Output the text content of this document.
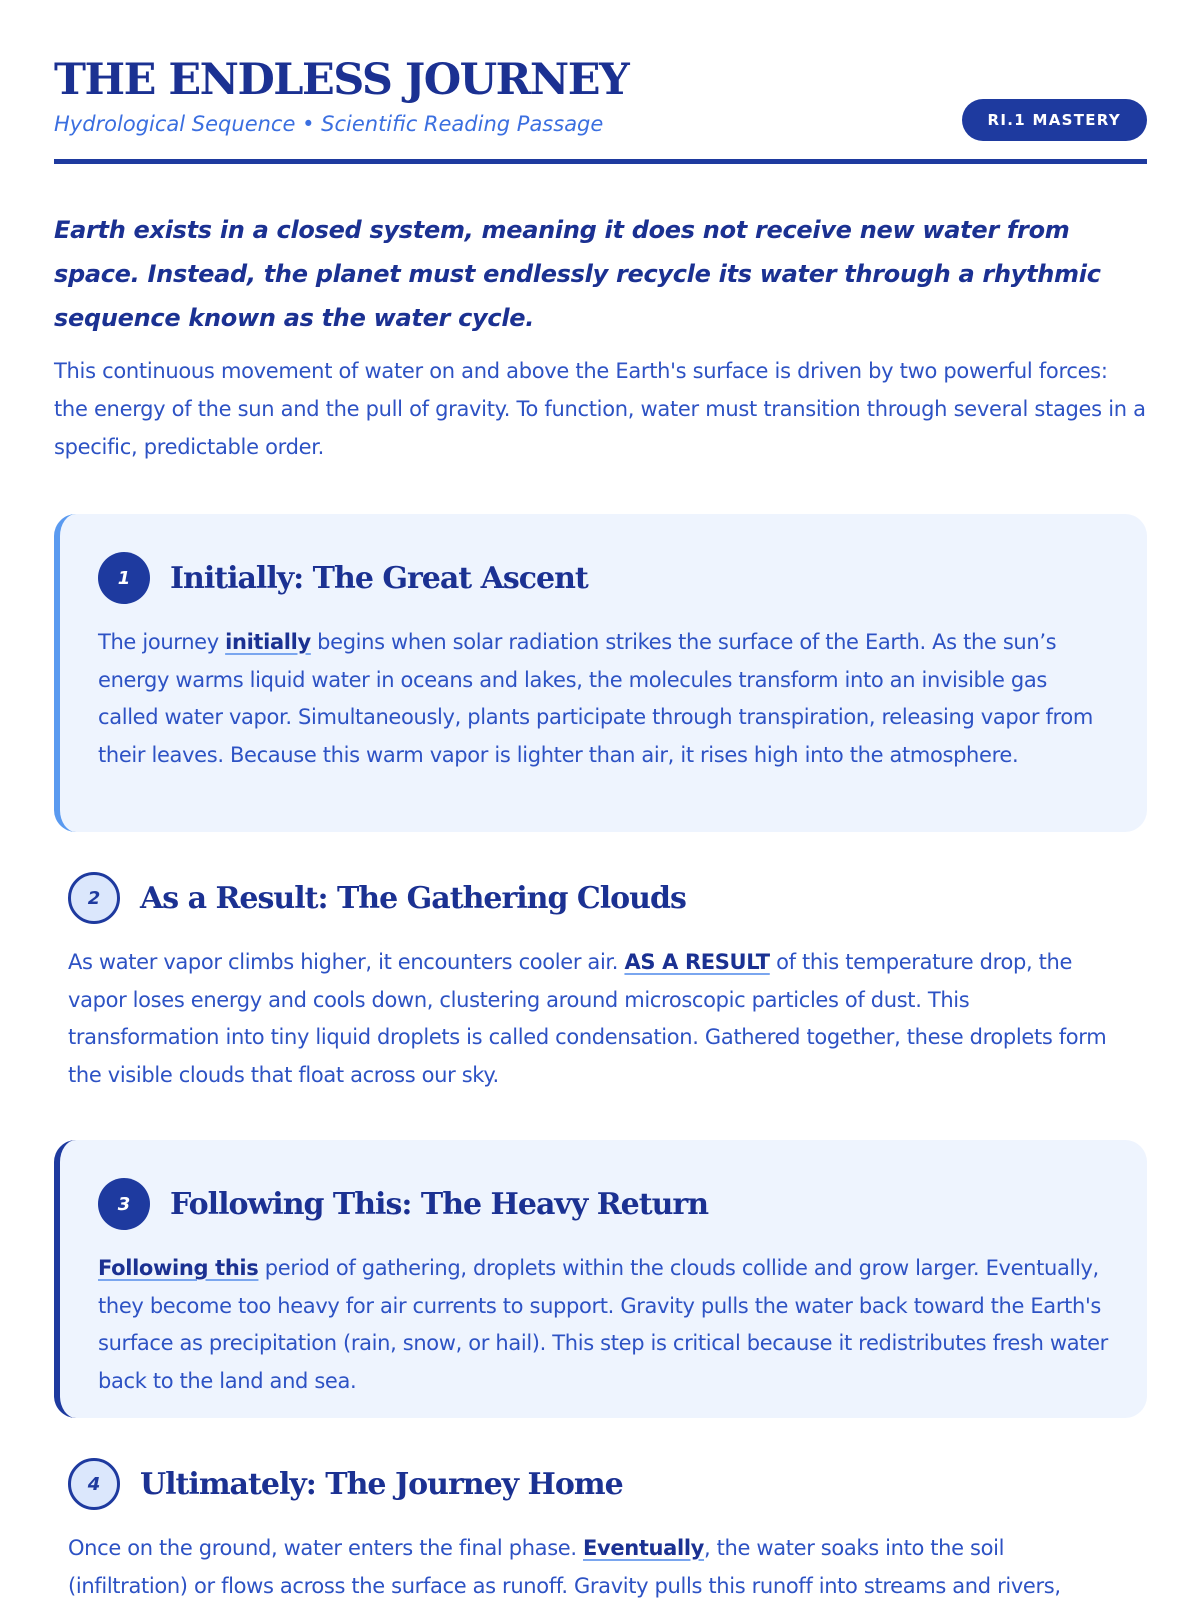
THE ENDLESS JOURNEY
Hydrological Sequence • Scientific Reading Passage	RI.1 MASTERY

Earth exists in a closed system, meaning it does not receive new water from space. Instead, the planet must endlessly recycle its water through a rhythmic sequence known as the water cycle.

This continuous movement of water on and above the Earth's surface is driven by two powerful forces: the energy of the sun and the pull of gravity. To function, water must transition through several stages in a specific, predictable order.

1	Initially: The Great Ascent

The journey initially begins when solar radiation strikes the surface of the Earth. As the sun’s energy warms liquid water in oceans and lakes, the molecules transform into an invisible gas called water vapor. Simultaneously, plants participate through transpiration, releasing vapor from their leaves. Because this warm vapor is lighter than air, it rises high into the atmosphere.

2	As a Result: The Gathering Clouds

As water vapor climbs higher, it encounters cooler air. AS A RESULT of this temperature drop, the vapor loses energy and cools down, clustering around microscopic particles of dust. This transformation into tiny liquid droplets is called condensation. Gathered together, these droplets form the visible clouds that float across our sky.

3	Following This: The Heavy Return

Following this period of gathering, droplets within the clouds collide and grow larger. Eventually, they become too heavy for air currents to support. Gravity pulls the water back toward the Earth's surface as precipitation (rain, snow, or hail). This step is critical because it redistributes fresh water back to the land and sea.

4	Ultimately: The Journey Home

Once on the ground, water enters the final phase. Eventually, the water soaks into the soil (infiltration) or flows across the surface as runoff. Gravity pulls this runoff into streams and rivers,
